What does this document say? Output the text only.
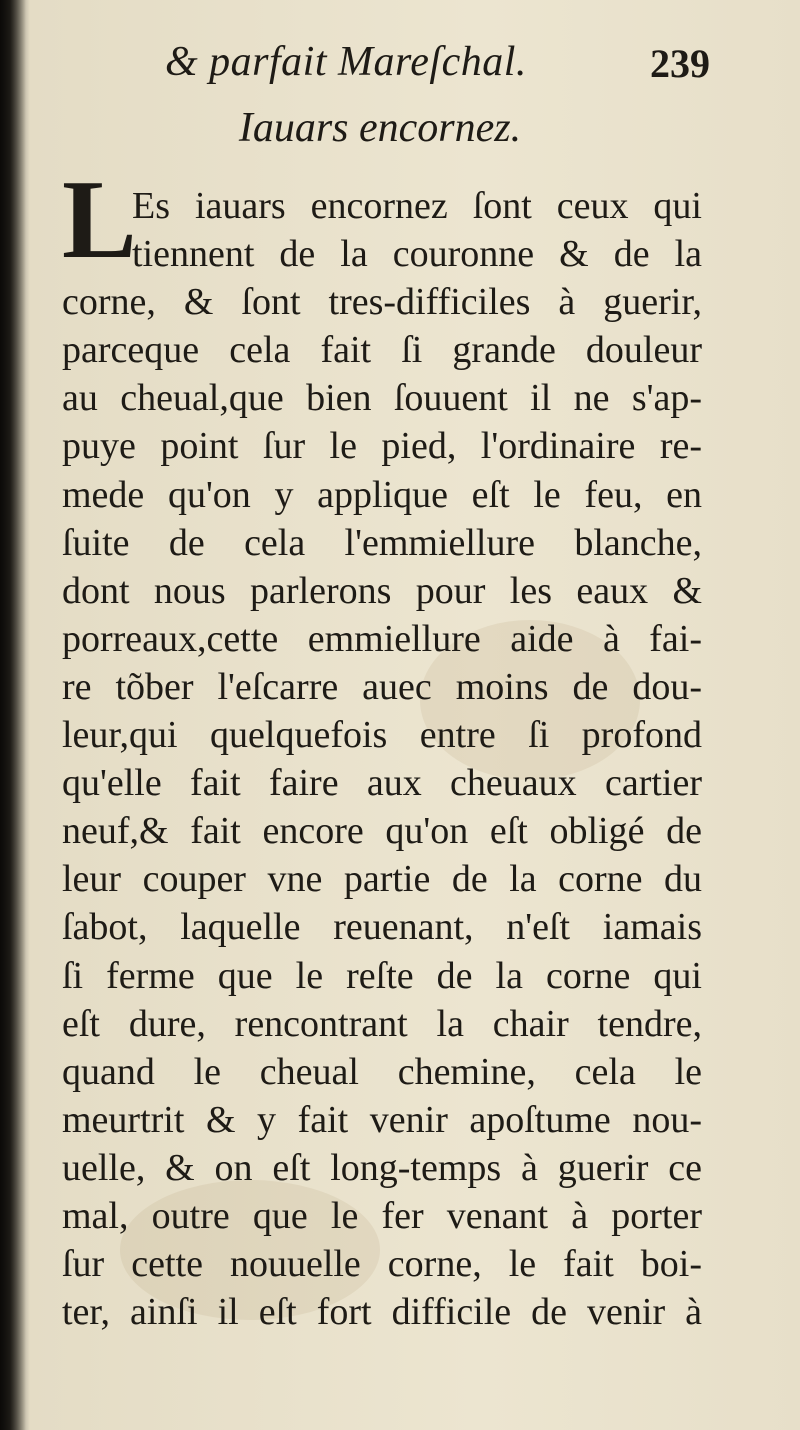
& parfait Mareſchal.	239
Iauars encornez.
L
Es iauars encornez ſont ceux qui
tiennent de la couronne & de la
corne, & ſont tres-difficiles à guerir,
parceque cela fait ſi grande douleur
au cheual,que bien ſouuent il ne s'ap-
puye point ſur le pied, l'ordinaire re-
mede qu'on y applique eſt le feu, en
ſuite de cela l'emmiellure blanche,
dont nous parlerons pour les eaux &
porreaux,cette emmiellure aide à fai-
re tõber l'eſcarre auec moins de dou-
leur,qui quelquefois entre ſi profond
qu'elle fait faire aux cheuaux cartier
neuf,& fait encore qu'on eſt obligé de
leur couper vne partie de la corne du
ſabot, laquelle reuenant, n'eſt iamais
ſi ferme que le reſte de la corne qui
eſt dure, rencontrant la chair tendre,
quand le cheual chemine, cela le
meurtrit & y fait venir apoſtume nou-
uelle, & on eſt long-temps à guerir ce
mal, outre que le fer venant à porter
ſur cette nouuelle corne, le fait boi-
ter, ainſi il eſt fort difficile de venir à
